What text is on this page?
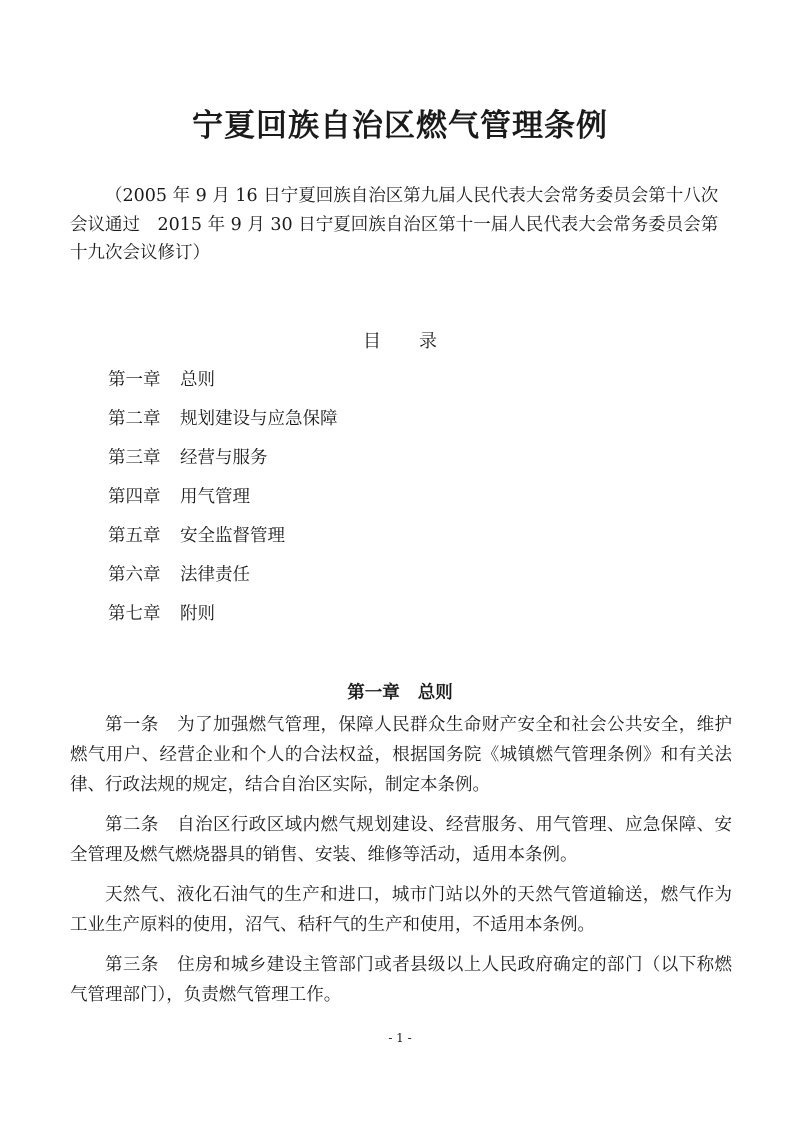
宁夏回族自治区燃气管理条例

（2005 年 9 月 16 日宁夏回族自治区第九届人民代表大会常务委员会第十八次会议通过　2015 年 9 月 30 日宁夏回族自治区第十一届人民代表大会常务委员会第十九次会议修订）

目 录
第一章 总则
第二章 规划建设与应急保障
第三章 经营与服务
第四章 用气管理
第五章 安全监督管理
第六章 法律责任
第七章 附则
第一章 总则

第一条 为了加强燃气管理，保障人民群众生命财产安全和社会公共安全，维护燃气用户、经营企业和个人的合法权益，根据国务院《城镇燃气管理条例》和有关法律、行政法规的规定，结合自治区实际，制定本条例。

第二条 自治区行政区域内燃气规划建设、经营服务、用气管理、应急保障、安全管理及燃气燃烧器具的销售、安装、维修等活动，适用本条例。

天然气、液化石油气的生产和进口，城市门站以外的天然气管道输送，燃气作为工业生产原料的使用，沼气、秸秆气的生产和使用，不适用本条例。

第三条 住房和城乡建设主管部门或者县级以上人民政府确定的部门（以下称燃气管理部门），负责燃气管理工作。

- 1 -
